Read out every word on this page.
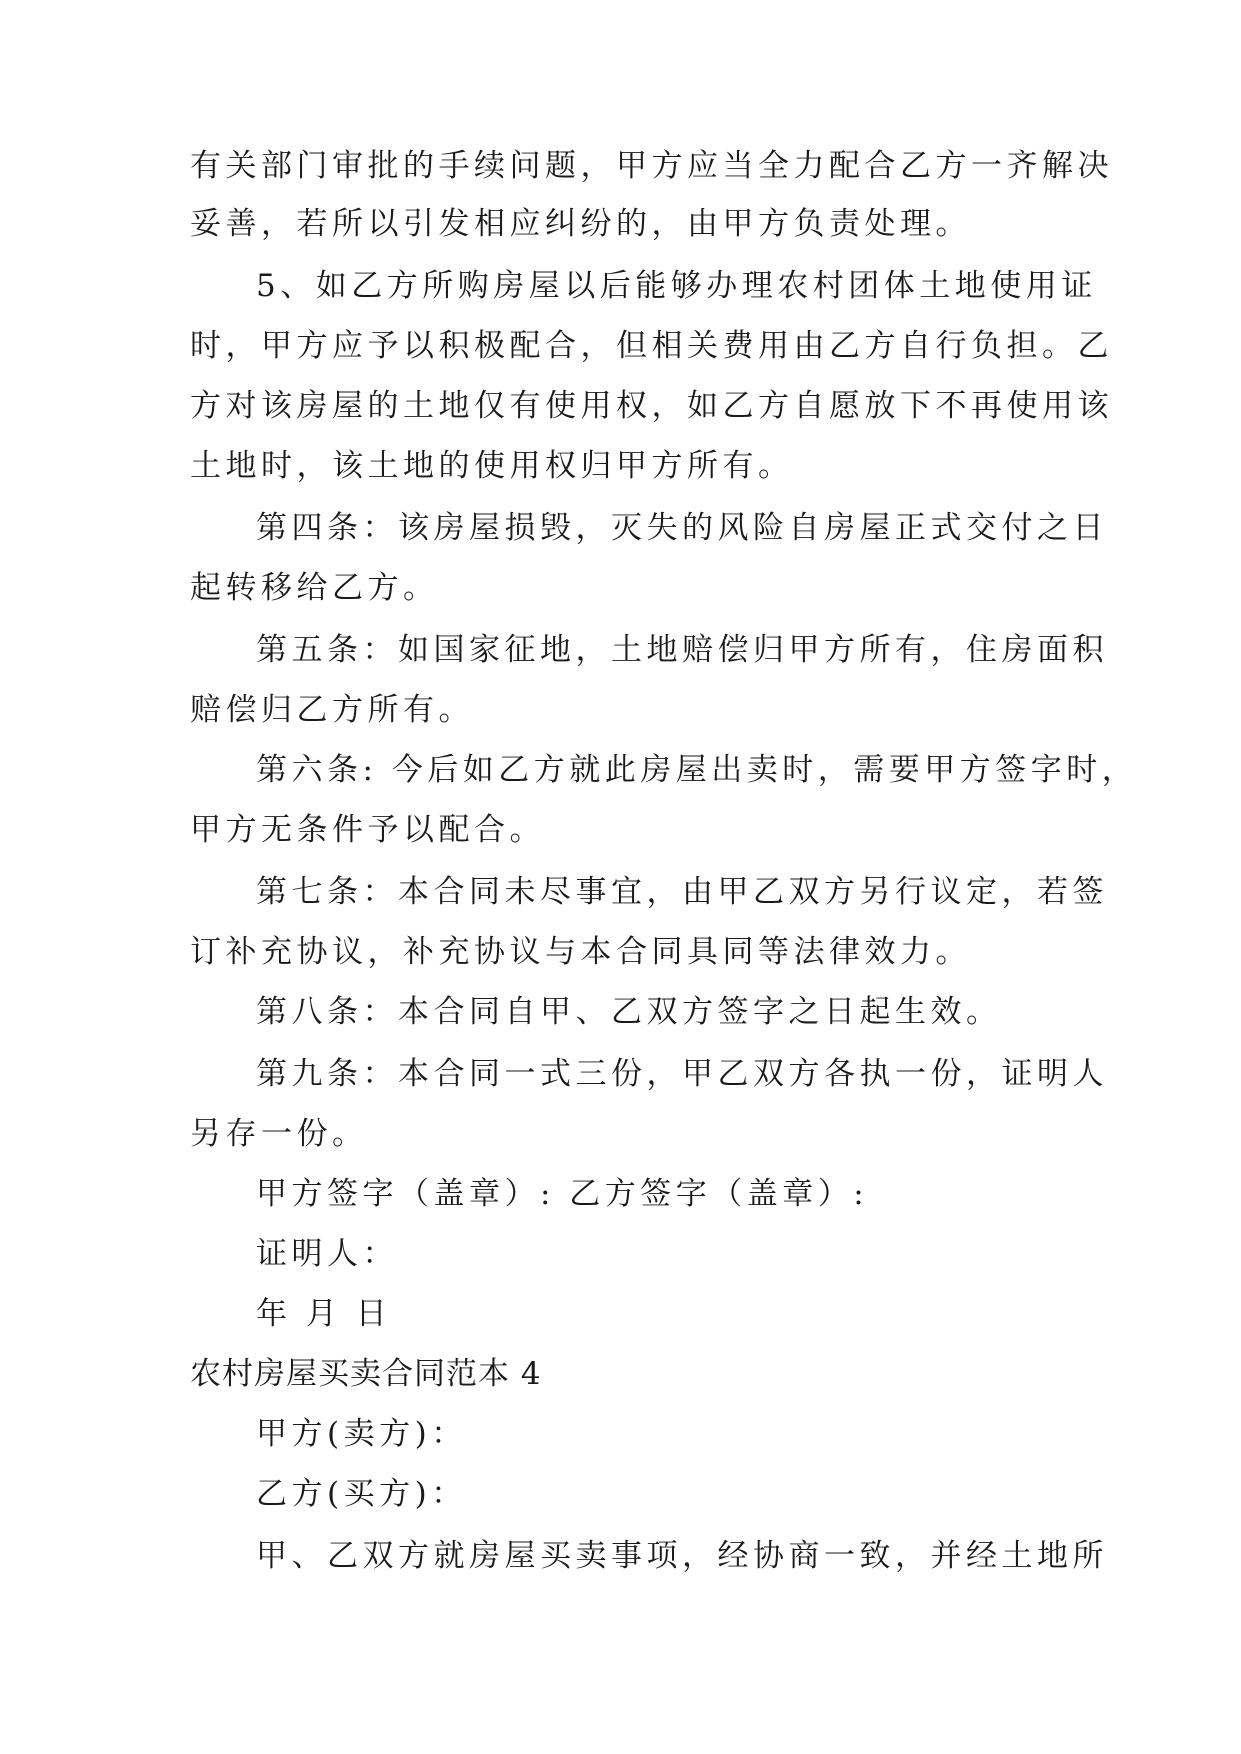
有关部门审批的手续问题，甲方应当全力配合乙方一齐解决
妥善，若所以引发相应纠纷的，由甲方负责处理。
5、如乙方所购房屋以后能够办理农村团体土地使用证
时，甲方应予以积极配合，但相关费用由乙方自行负担。乙
方对该房屋的土地仅有使用权，如乙方自愿放下不再使用该
土地时，该土地的使用权归甲方所有。
第四条：该房屋损毁，灭失的风险自房屋正式交付之日
起转移给乙方。
第五条：如国家征地，土地赔偿归甲方所有，住房面积
赔偿归乙方所有。
第六条: 今后如乙方就此房屋出卖时，需要甲方签字时，
甲方无条件予以配合。
第七条：本合同未尽事宜，由甲乙双方另行议定，若签
订补充协议，补充协议与本合同具同等法律效力。
第八条：本合同自甲、乙双方签字之日起生效。
第九条：本合同一式三份，甲乙双方各执一份，证明人
另存一份。
甲方签字（盖章）: 乙方签字（盖章）:
证明人：
年 月 日
农村房屋买卖合同范本 4
甲方(卖方)：
乙方(买方)：
甲、乙双方就房屋买卖事项，经协商一致，并经土地所
